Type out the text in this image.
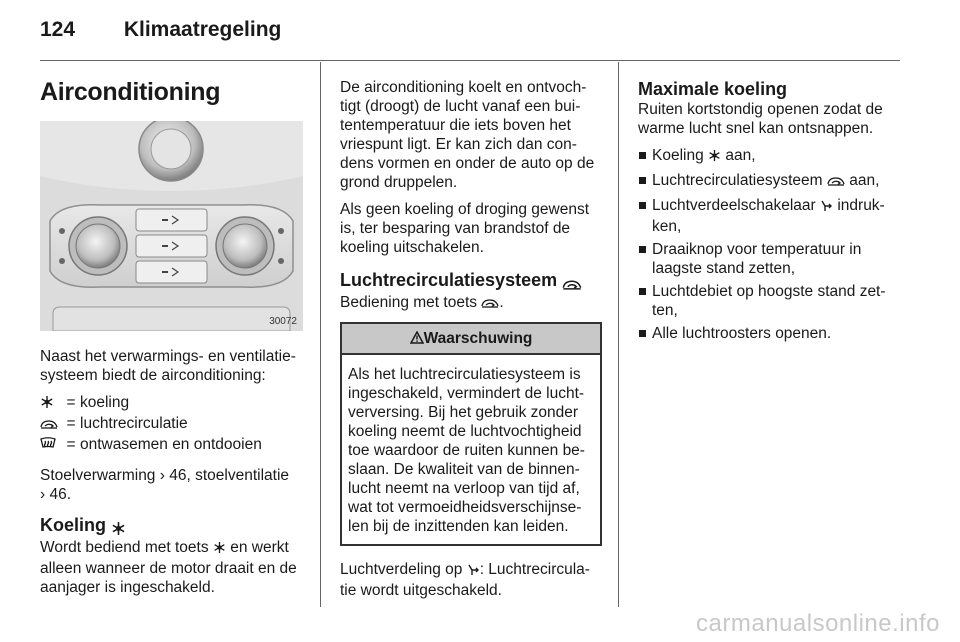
124 Klimaatregeling
Airconditioning
30072

Naast het verwarmings- en ventilatie-systeem biedt de airconditioning:

	=	koeling
	=	luchtrecirculatie
	=	ontwasemen en ontdooien

Stoelverwarming › 46, stoelventilatie
› 46.

Koeling

Wordt bediend met toets en werkt alleen wanneer de motor draait en de aanjager is ingeschakeld.

De airconditioning koelt en ontvoch-tigt (droogt) de lucht vanaf een bui-tentemperatuur die iets boven het vriespunt ligt. Er kan zich dan con-dens vormen en onder de auto op de grond druppelen.

Als geen koeling of droging gewenst is, ter besparing van brandstof de koeling uitschakelen.

Luchtrecirculatiesysteem

Bediening met toets .

Waarschuwing
Als het luchtrecirculatiesysteem is ingeschakeld, vermindert de lucht-verversing. Bij het gebruik zonder koeling neemt de luchtvochtigheid toe waardoor de ruiten kunnen be-slaan. De kwaliteit van de binnen-lucht neemt na verloop van tijd af, wat tot vermoeidheidsverschijnse-len bij de inzittenden kan leiden.

Luchtverdeling op : Luchtrecircula-tie wordt uitgeschakeld.

Maximale koeling

Ruiten kortstondig openen zodat de warme lucht snel kan ontsnappen.

Koeling aan,
Luchtrecirculatiesysteem aan,
Luchtverdeelschakelaar indruk-ken,
Draaiknop voor temperatuur in laagste stand zetten,
Luchtdebiet op hoogste stand zet-ten,
Alle luchtroosters openen.
carmanualsonline.info
